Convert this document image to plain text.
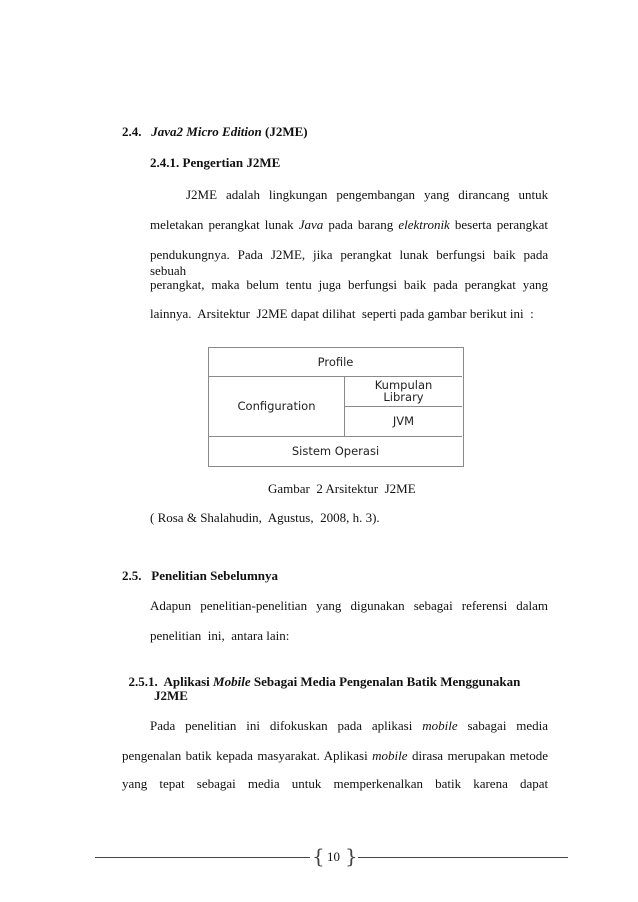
2.4. Java2 Micro Edition (J2ME)
2.4.1. Pengertian J2ME
J2ME adalah lingkungan pengembangan yang dirancang untuk
meletakan perangkat lunak Java pada barang elektronik beserta perangkat
pendukungnya. Pada J2ME, jika perangkat lunak berfungsi baik pada sebuah
perangkat, maka belum tentu juga berfungsi baik pada perangkat yang
lainnya.  Arsitektur  J2ME dapat dilihat  seperti pada gambar berikut ini  :
Profile
Configuration
Kumpulan
Library
JVM
Sistem Operasi
Gambar  2 Arsitektur  J2ME
( Rosa & Shalahudin,  Agustus,  2008, h. 3).
2.5.   Penelitian Sebelumnya
Adapun penelitian-penelitian yang digunakan sebagai referensi dalam
penelitian  ini,  antara lain:

2.5.1.  Aplikasi Mobile Sebagai Media Pengenalan Batik Menggunakan

J2ME
Pada penelitian ini difokuskan pada aplikasi mobile sabagai media
pengenalan batik kepada masyarakat. Aplikasi mobile dirasa merupakan metode
yang tepat sebagai media untuk memperkenalkan batik karena dapat
{ 10 }
